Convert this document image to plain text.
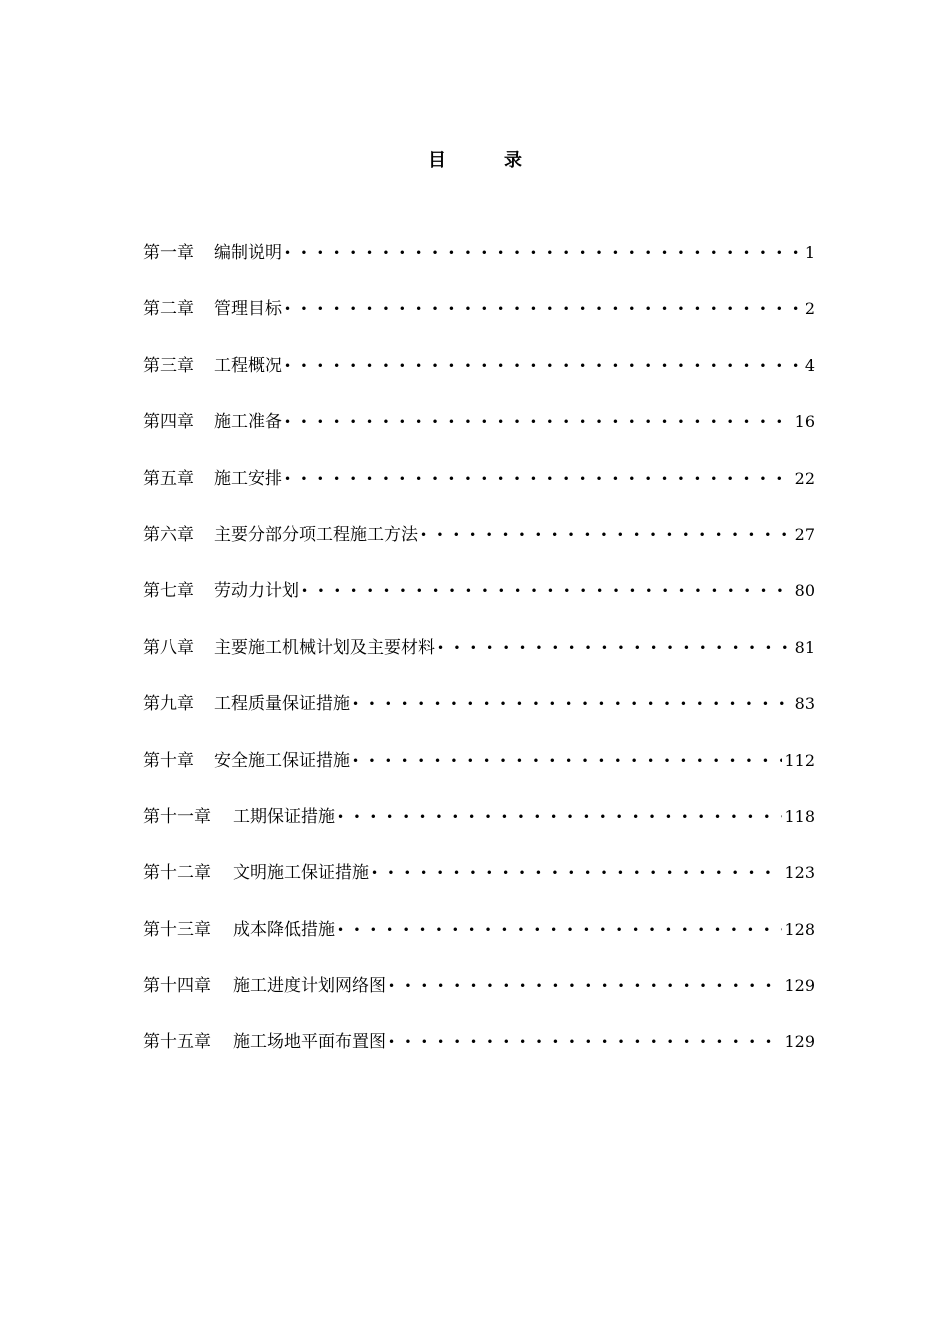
目	录
第一章 编制说明 • • •	1
第二章 管理目标 • • •	2
第三章 工程概况 • • •	4
第四章 施工准备 • • •	16
第五章 施工安排 • • •	22
第六章 主要分部分项工程施工方法 • • •	27
第七章 劳动力计划 • • •	80
第八章 主要施工机械计划及主要材料 • • •	81
第九章 工程质量保证措施 • • •	83
第十章 安全施工保证措施 • • •	112
第十一章 工期保证措施 • • •	118
第十二章 文明施工保证措施 • • •	123
第十三章 成本降低措施 • • •	128
第十四章 施工进度计划网络图 • • •	129
第十五章 施工场地平面布置图 • • •	129
